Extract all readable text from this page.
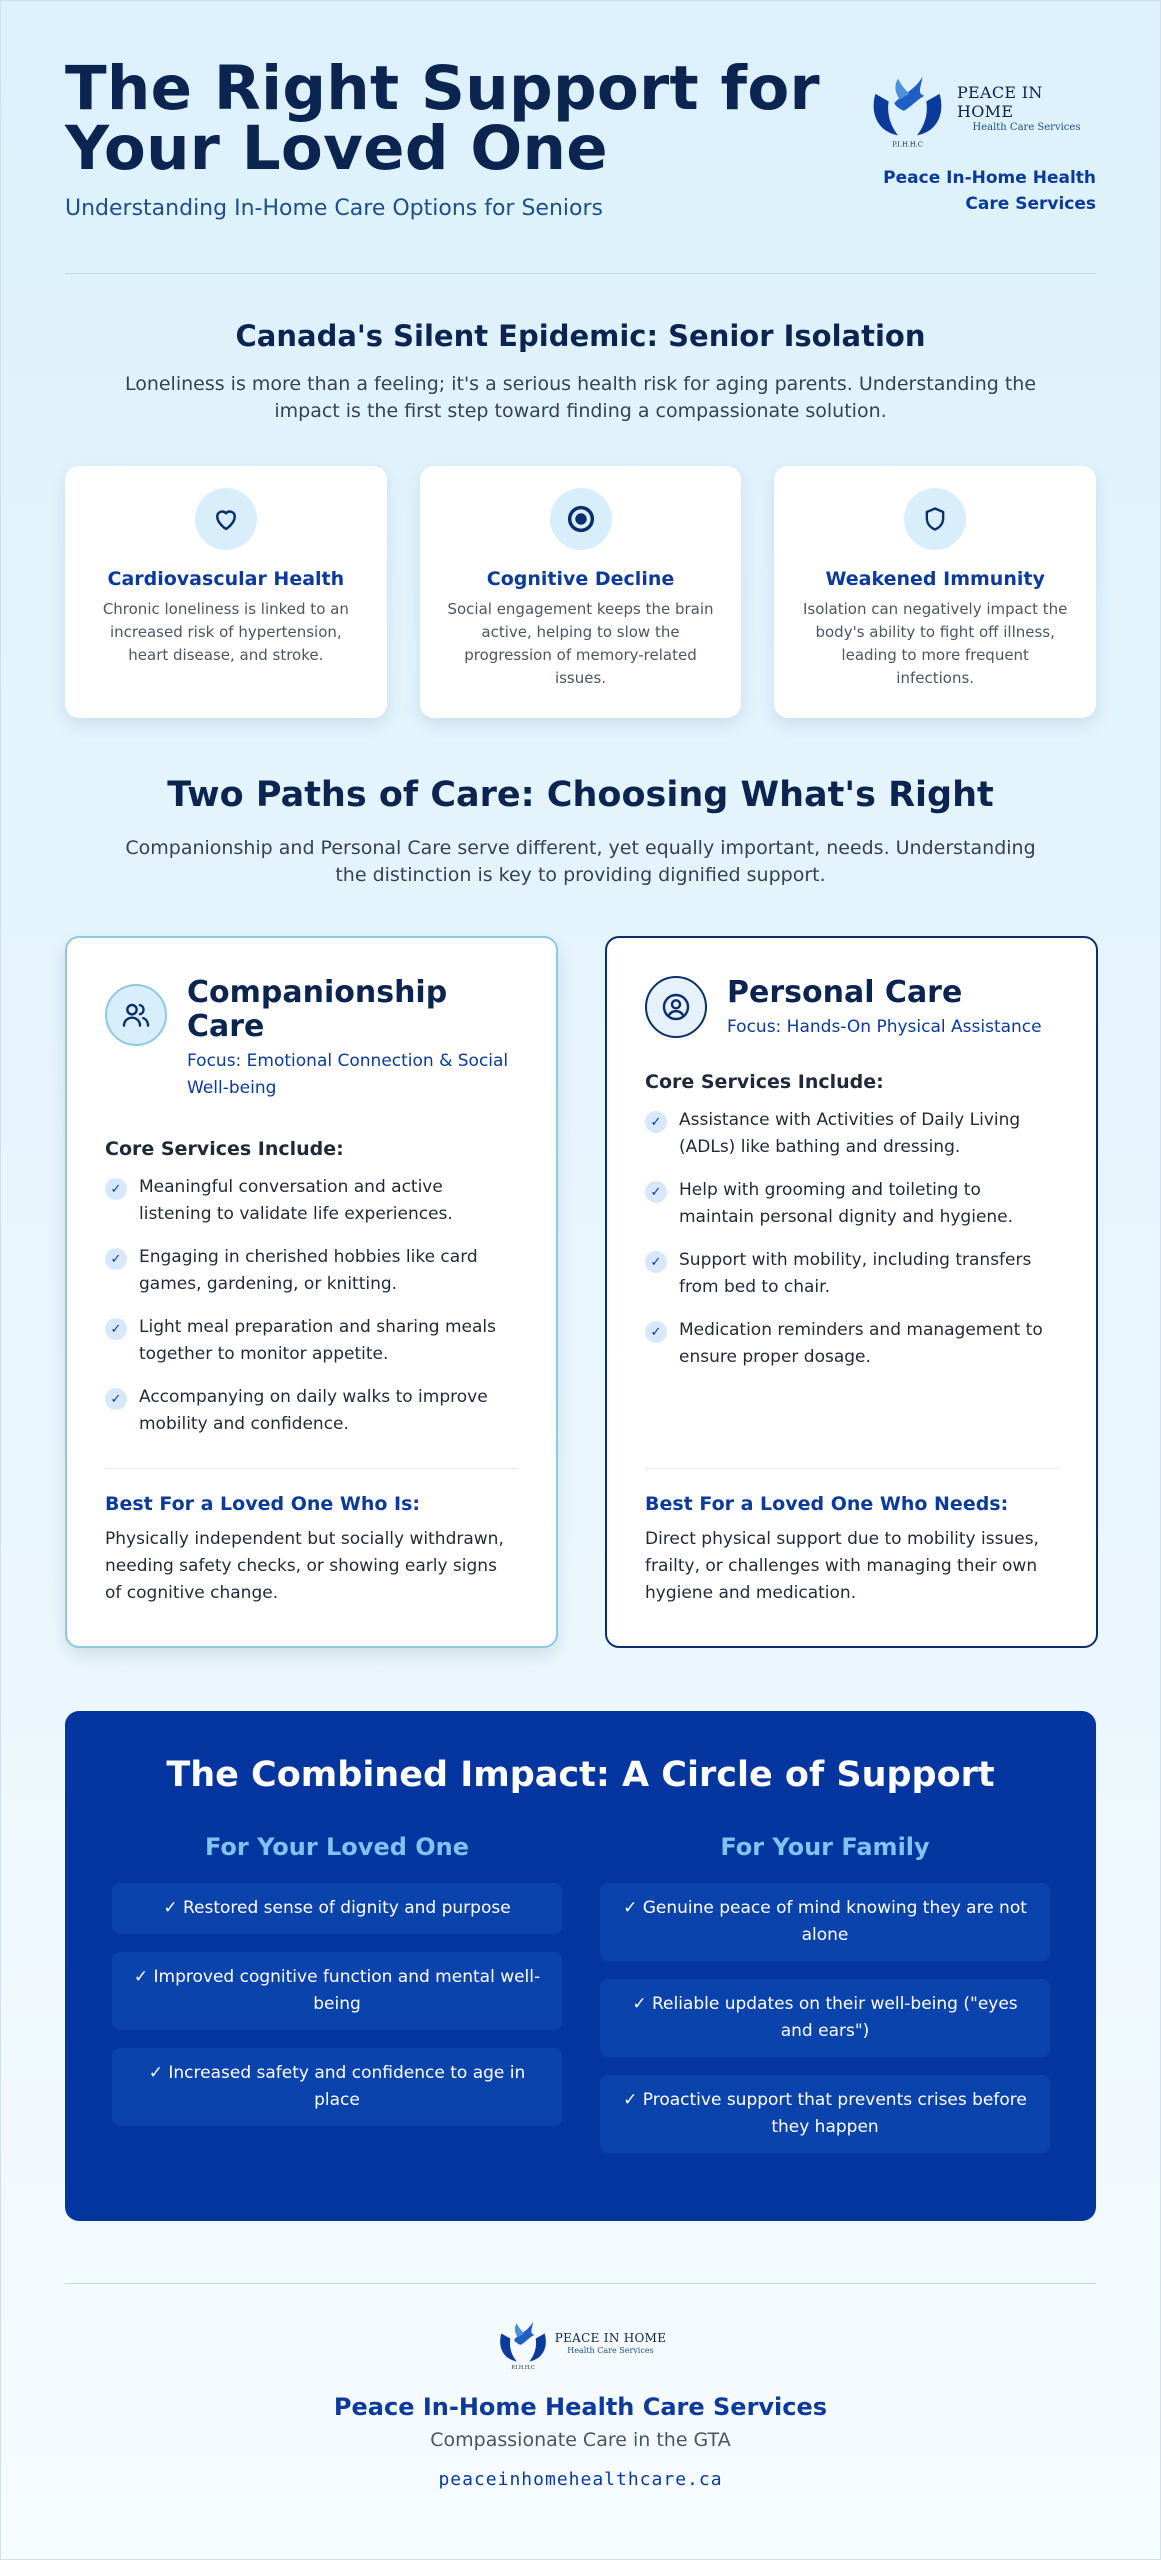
The Right Support for Your Loved One
Understanding In-Home Care Options for Seniors
P.I.H.H.C
PEACE IN HOME
Health Care Services
Peace In-Home Health Care Services
Canada's Silent Epidemic: Senior Isolation

Loneliness is more than a feeling; it's a serious health risk for aging parents. Understanding the impact is the first step toward finding a compassionate solution.

Cardiovascular Health
Chronic loneliness is linked to an increased risk of hypertension, heart disease, and stroke.
Cognitive Decline
Social engagement keeps the brain active, helping to slow the progression of memory-related issues.
Weakened Immunity
Isolation can negatively impact the body's ability to fight off illness, leading to more frequent infections.
Two Paths of Care: Choosing What's Right

Companionship and Personal Care serve different, yet equally important, needs. Understanding the distinction is key to providing dignified support.

Companionship Care
Focus: Emotional Connection & Social Well-being
Core Services Include:
✓	Meaningful conversation and active listening to validate life experiences.
✓	Engaging in cherished hobbies like card games, gardening, or knitting.
✓	Light meal preparation and sharing meals together to monitor appetite.
✓	Accompanying on daily walks to improve mobility and confidence.
Best For a Loved One Who Is:
Physically independent but socially withdrawn, needing safety checks, or showing early signs of cognitive change.
Personal Care
Focus: Hands-On Physical Assistance
Core Services Include:
✓	Assistance with Activities of Daily Living (ADLs) like bathing and dressing.
✓	Help with grooming and toileting to maintain personal dignity and hygiene.
✓	Support with mobility, including transfers from bed to chair.
✓	Medication reminders and management to ensure proper dosage.
Best For a Loved One Who Needs:
Direct physical support due to mobility issues, frailty, or challenges with managing their own hygiene and medication.
The Combined Impact: A Circle of Support
For Your Loved One
✓ Restored sense of dignity and purpose
✓ Improved cognitive function and mental well-being
✓ Increased safety and confidence to age in place
For Your Family
✓ Genuine peace of mind knowing they are not alone
✓ Reliable updates on their well-being ("eyes and ears")
✓ Proactive support that prevents crises before they happen
P.I.H.H.C
PEACE IN HOME
Health Care Services
Peace In-Home Health Care Services
Compassionate Care in the GTA
peaceinhomehealthcare.ca
